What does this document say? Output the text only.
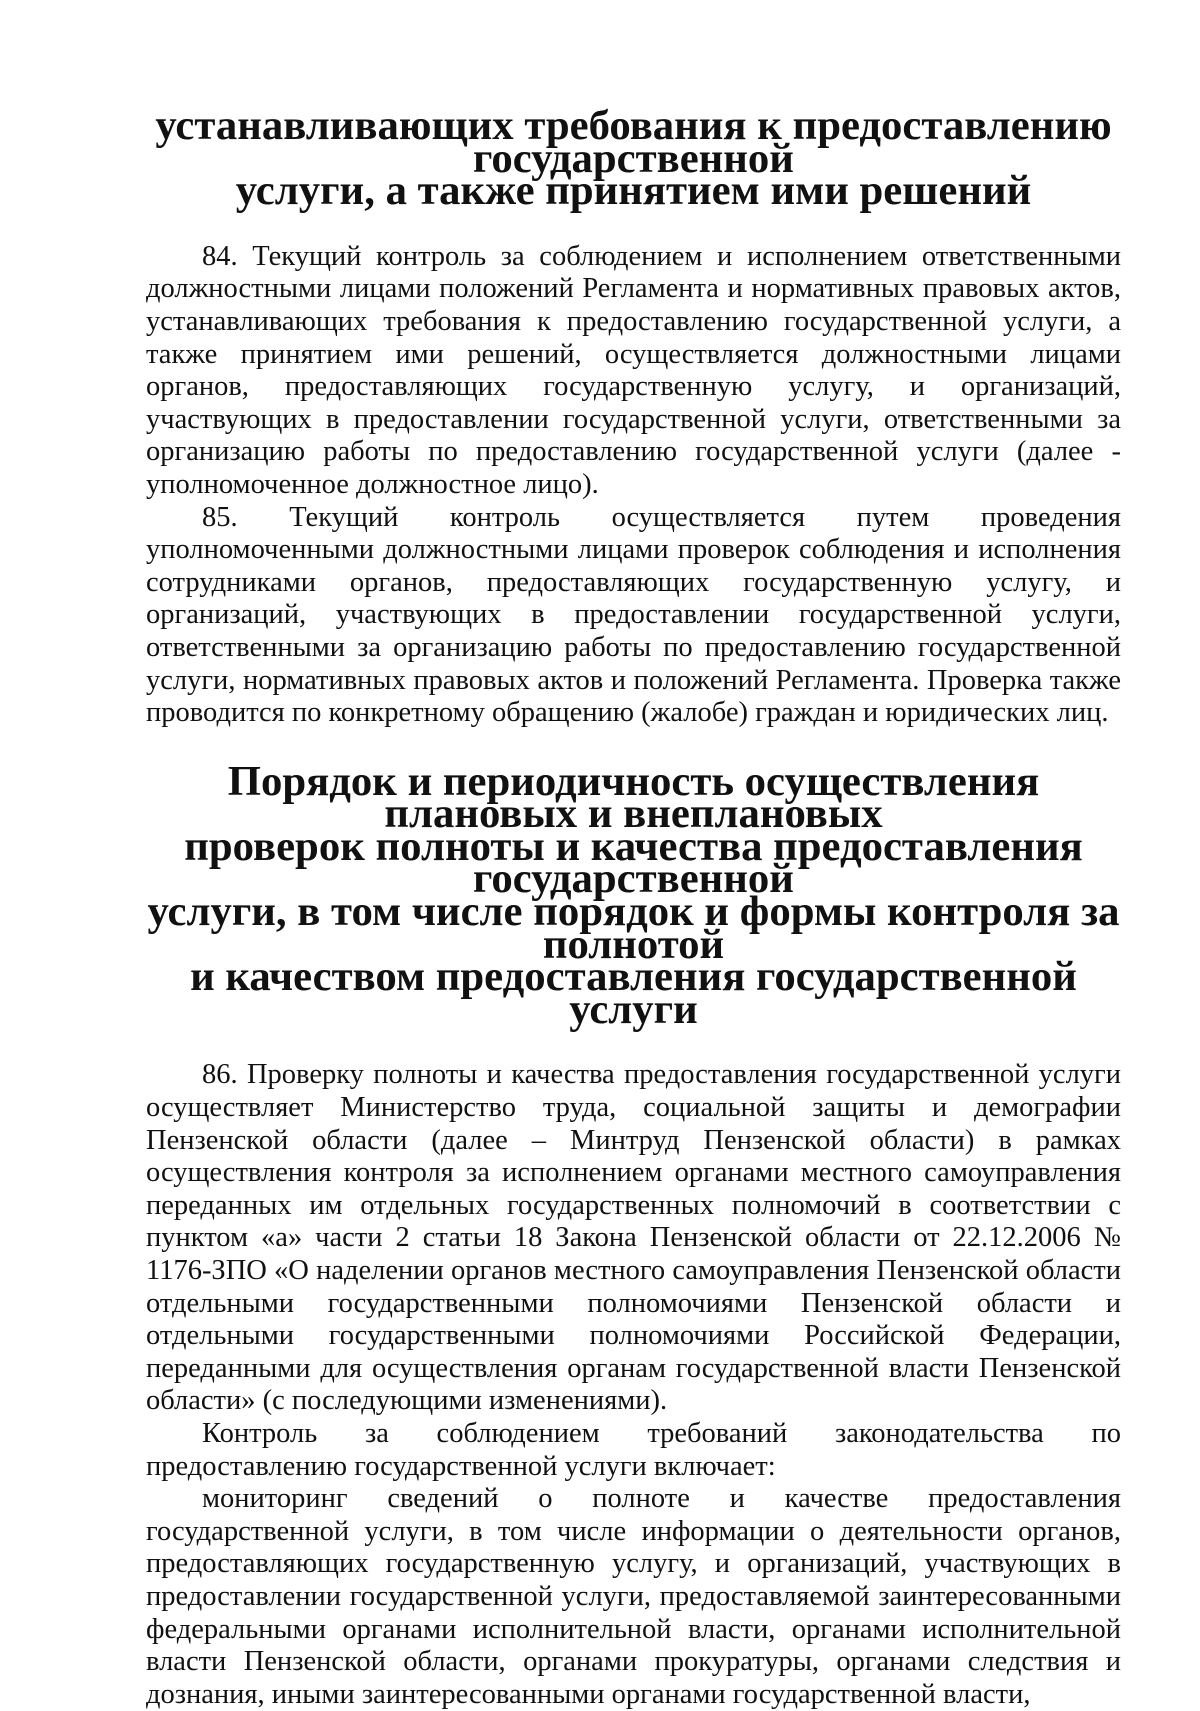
устанавливающих требования к предоставлению государственной
услуги, а также принятием ими решений

84. Текущий контроль за соблюдением и исполнением ответственными должностными лицами положений Регламента и нормативных правовых актов, устанавливающих требования к предоставлению государственной услуги, а также принятием ими решений, осуществляется должностными лицами органов, предоставляющих государственную услугу, и организаций, участвующих в предоставлении государственной услуги, ответственными за организацию работы по предоставлению государственной услуги (далее - уполномоченное должностное лицо).

85. Текущий контроль осуществляется путем проведения уполномоченными должностными лицами проверок соблюдения и исполнения сотрудниками органов, предоставляющих государственную услугу, и организаций, участвующих в предоставлении государственной услуги, ответственными за организацию работы по предоставлению государственной услуги, нормативных правовых актов и положений Регламента. Проверка также проводится по конкретному обращению (жалобе) граждан и юридических лиц.

Порядок и периодичность осуществления плановых и внеплановых
проверок полноты и качества предоставления государственной
услуги, в том числе порядок и формы контроля за полнотой
и качеством предоставления государственной услуги

86. Проверку полноты и качества предоставления государственной услуги осуществляет Министерство труда, социальной защиты и демографии Пензенской области (далее – Минтруд Пензенской области) в рамках осуществления контроля за исполнением органами местного самоуправления переданных им отдельных государственных полномочий в соответствии с пунктом «а» части 2 статьи 18 Закона Пензенской области от 22.12.2006 № 1176-ЗПО «О наделении органов местного самоуправления Пензенской области отдельными государственными полномочиями Пензенской области и отдельными государственными полномочиями Российской Федерации, переданными для осуществления органам государственной власти Пензенской области» (с последующими изменениями).

Контроль за соблюдением требований законодательства по предоставлению государственной услуги включает:

мониторинг сведений о полноте и качестве предоставления государственной услуги, в том числе информации о деятельности органов, предоставляющих государственную услугу, и организаций, участвующих в предоставлении государственной услуги, предоставляемой заинтересованными федеральными органами исполнительной власти, органами исполнительной власти Пензенской области, органами прокуратуры, органами следствия и дознания, иными заинтересованными органами государственной власти,
